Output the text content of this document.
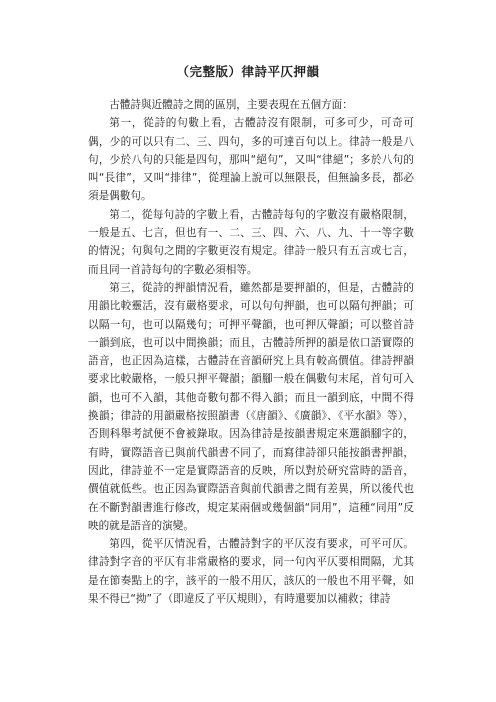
（完整版）律詩平仄押韻

古體詩與近體詩之間的區別，主要表現在五個方面：

第一，從詩的句數上看，古體詩沒有限制，可多可少，可奇可偶，少的可以只有二、三、四句，多的可達百句以上。律詩一般是八句，少於八句的只能是四句，那叫“絕句”，又叫“律絕”；多於八句的叫“長律”，又叫“排律”，從理論上說可以無限長，但無論多長，都必須是偶數句。

第二，從每句詩的字數上看，古體詩每句的字數沒有嚴格限制，一般是五、七言，但也有一、二、三、四、六、八、九、十一等字數的情況；句與句之間的字數更沒有規定。律詩一般只有五言或七言，而且同一首詩每句的字數必須相等。

第三，從詩的押韻情況看，雖然都是要押韻的，但是，古體詩的用韻比較靈活，沒有嚴格要求，可以句句押韻，也可以隔句押韻；可以隔一句，也可以隔幾句；可押平聲韻，也可押仄聲韻；可以整首詩一韻到底，也可以中間換韻；而且，古體詩所押的韻是依口語實際的語音，也正因為這樣，古體詩在音韻研究上具有較高價值。律詩押韻要求比較嚴格，一般只押平聲韻；韻腳一般在偶數句末尾，首句可入韻，也可不入韻，其他奇數句都不得入韻；而且一韻到底，中間不得換韻；律詩的用韻嚴格按照韻書（《唐韻》、《廣韻》、《平水韻》等），否則科舉考試便不會被錄取。因為律詩是按韻書規定來選韻腳字的，有時，實際語音已與前代韻書不同了，而寫律詩卻只能按韻書押韻，因此，律詩並不一定是實際語音的反映，所以對於研究當時的語音，價值就低些。也正因為實際語音與前代韻書之間有差異，所以後代也在不斷對韻書進行修改，規定某兩個或幾個韻“同用”，這種“同用”反映的就是語音的演變。

第四，從平仄情況看，古體詩對字的平仄沒有要求，可平可仄。律詩對字音的平仄有非常嚴格的要求，同一句內平仄要相間隔，尤其是在節奏點上的字，該平的一般不用仄，該仄的一般也不用平聲，如果不得已“拗”了（即違反了平仄規則），有時還要加以補救；律詩
